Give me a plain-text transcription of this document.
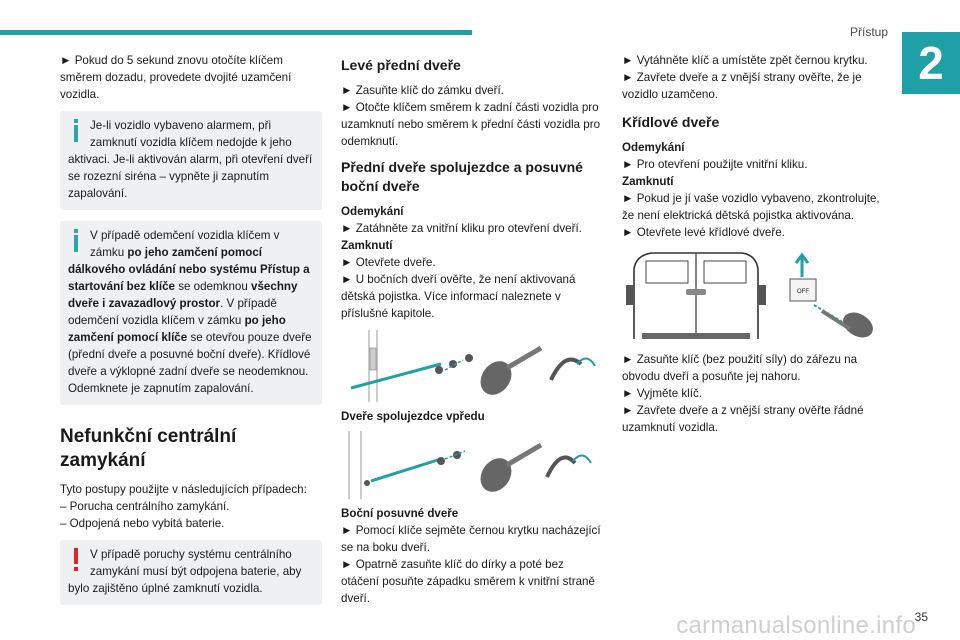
Přístup
2
carmanualsonline.info
35

► Pokud do 5 sekund znovu otočíte klíčem směrem dozadu, provedete dvojité uzamčení vozidla.

Je-li vozidlo vybaveno alarmem, při zamknutí vozidla klíčem nedojde k jeho aktivaci. Je-li aktivován alarm, při otevření dveří se rozezní siréna – vypněte ji zapnutím zapalování.

V případě odemčení vozidla klíčem v zámku po jeho zamčení pomocí dálkového ovládání nebo systému Přístup a startování bez klíče se odemknou všechny dveře i zavazadlový prostor. V případě odemčení vozidla klíčem v zámku po jeho zamčení pomocí klíče se otevřou pouze dveře (přední dveře a posuvné boční dveře). Křídlové dveře a výklopné zadní dveře se neodemknou. Odemknete je zapnutím zapalování.

Nefunkční centrální zamykání

Tyto postupy použijte v následujících případech:

– Porucha centrálního zamykání.

– Odpojená nebo vybitá baterie.

V případě poruchy systému centrálního zamykání musí být odpojena baterie, aby bylo zajištěno úplné zamknutí vozidla.

Levé přední dveře

► Zasuňte klíč do zámku dveří.

► Otočte klíčem směrem k zadní části vozidla pro uzamknutí nebo směrem k přední části vozidla pro odemknutí.

Přední dveře spolujezdce a posuvné boční dveře
Odemykání

► Zatáhněte za vnitřní kliku pro otevření dveří.

Zamknutí

► Otevřete dveře.

► U bočních dveří ověřte, že není aktivovaná dětská pojistka. Více informací naleznete v příslušné kapitole.

Dveře spolujezdce vpředu
Boční posuvné dveře

► Pomocí klíče sejměte černou krytku nacházející se na boku dveří.

► Opatrně zasuňte klíč do dírky a poté bez otáčení posuňte západku směrem k vnitřní straně dveří.

► Vytáhněte klíč a umístěte zpět černou krytku.

► Zavřete dveře a z vnější strany ověřte, že je vozidlo uzamčeno.

Křídlové dveře
Odemykání

► Pro otevření použijte vnitřní kliku.

Zamknutí

► Pokud je jí vaše vozidlo vybaveno, zkontrolujte, že není elektrická dětská pojistka aktivována.

► Otevřete levé křídlové dveře.

OFF

► Zasuňte klíč (bez použití síly) do zářezu na obvodu dveří a posuňte jej nahoru.

► Vyjměte klíč.

► Zavřete dveře a z vnější strany ověřte řádné uzamknutí vozidla.
